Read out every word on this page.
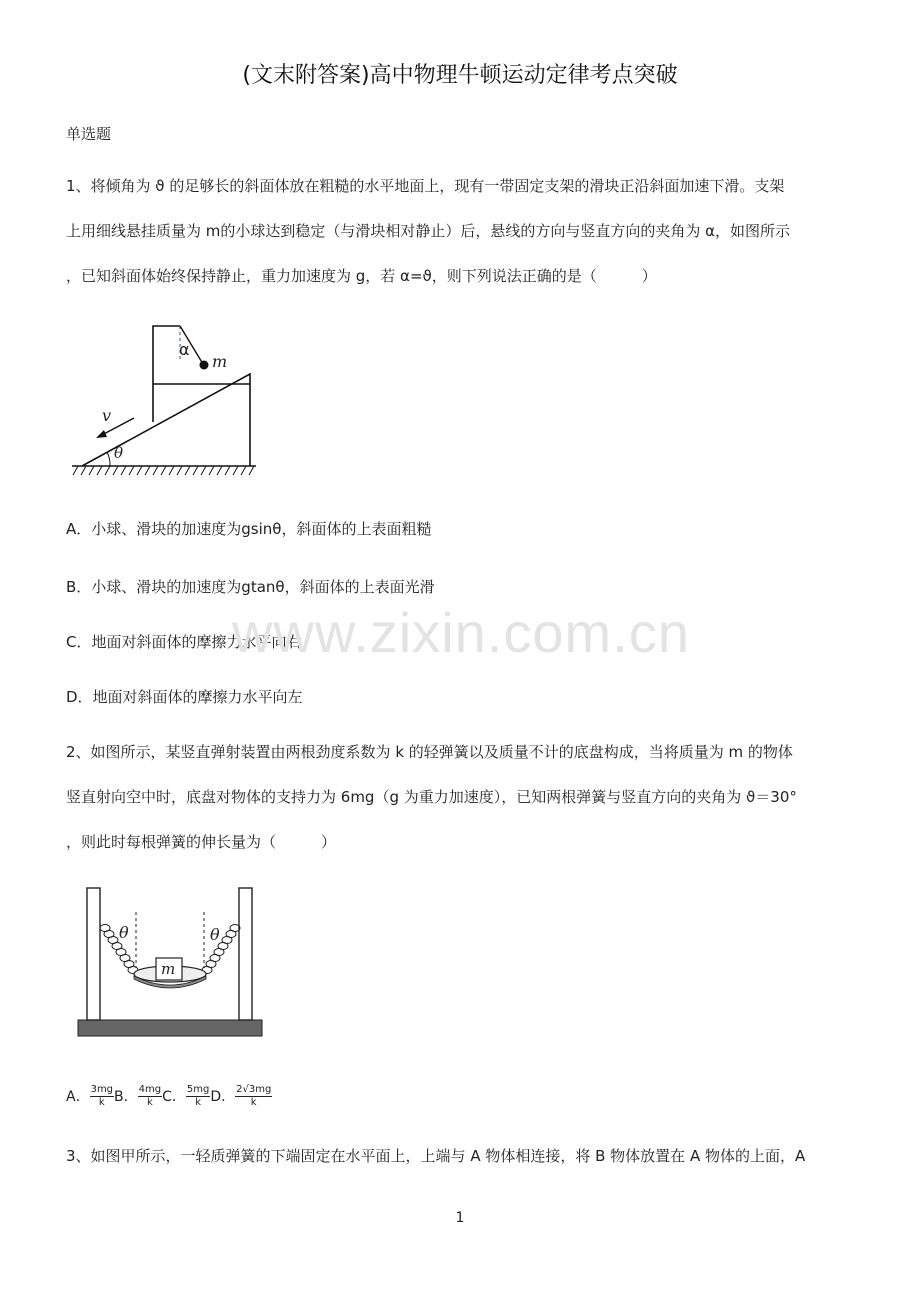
(文末附答案)高中物理牛顿运动定律考点突破
单选题
1、将倾角为 ϑ 的足够长的斜面体放在粗糙的水平地面上，现有一带固定支架的滑块正沿斜面加速下滑。支架
上用细线悬挂质量为 m的小球达到稳定（与滑块相对静止）后，悬线的方向与竖直方向的夹角为 α，如图所示
，已知斜面体始终保持静止，重力加速度为 g，若 α=ϑ，则下列说法正确的是（　　　）
α
m
v
θ
A．小球、滑块的加速度为gsinθ，斜面体的上表面粗糙
B．小球、滑块的加速度为gtanθ，斜面体的上表面光滑
C．地面对斜面体的摩擦力水平向右
D．地面对斜面体的摩擦力水平向左
www.zixin.com.cn
2、如图所示，某竖直弹射装置由两根劲度系数为 k 的轻弹簧以及质量不计的底盘构成，当将质量为 m 的物体
竖直射向空中时，底盘对物体的支持力为 6mg（g 为重力加速度），已知两根弹簧与竖直方向的夹角为 ϑ＝30°
，则此时每根弹簧的伸长量为（　　　）
θ	θ
m
A． $\frac{3mg}{k}$ B． $\frac{4mg}{k}$ C． $\frac{5mg}{k}$ D． $\frac{2√3mg}{k}$
3、如图甲所示，一轻质弹簧的下端固定在水平面上，上端与 A 物体相连接，将 B 物体放置在 A 物体的上面，A
1
